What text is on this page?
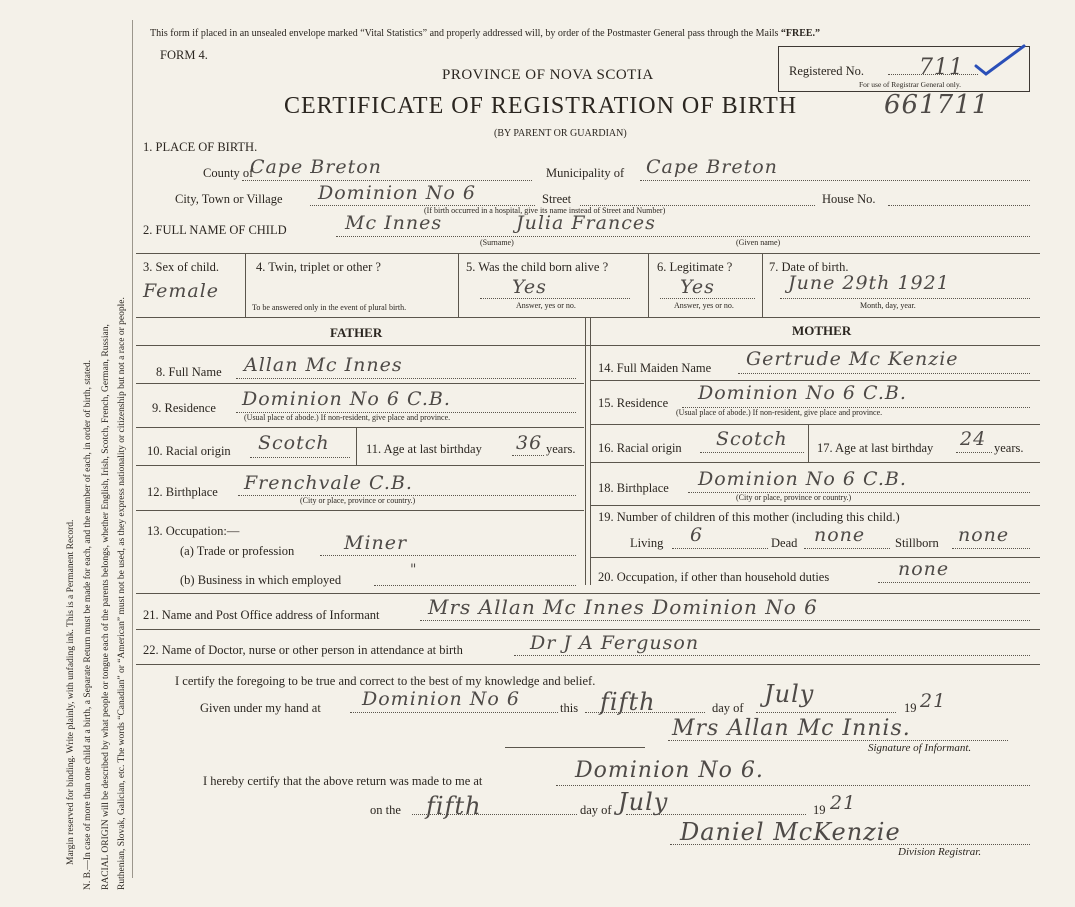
Margin reserved for binding. Write plainly, with unfading ink. This is a Permanent Record. N. B.—In case of more than one child at a birth, a Separate Return must be made for each, and the number of each, in order of birth, stated. RACIAL ORIGIN will be described by what people or tongue each of the parents belongs, whether English, Irish, Scotch, French, German, Russian, Ruthenian, Slovak, Galician, etc. The words “Canadian” or “American” must not be used, as they express nationality or citizenship but not a race or people.
This form if placed in an unsealed envelope marked “Vital Statistics” and properly addressed will, by order of the Postmaster General pass through the Mails “FREE.”
FORM 4.
PROVINCE OF NOVA SCOTIA	Registered No.	711
For use of Registrar General only.
CERTIFICATE OF REGISTRATION OF BIRTH	661711
(BY PARENT OR GUARDIAN)
1. PLACE OF BIRTH.
County of
Cape Breton	Municipality of Cape Breton
City, Town or Village Dominion No 6	Street	House No.
(If birth occurred in a hospital, give its name instead of Street and Number)
2. FULL NAME OF CHILD	Mc Innes	Julia Frances
(Surname)	(Given name)
3. Sex of child.
Female
4. Twin, triplet or other ?
To be answered only in the event of plural birth.
5. Was the child born alive ?
Yes
Answer, yes or no.
6. Legitimate ?
Yes
Answer, yes or no.
7. Date of birth.
June 29th 1921
Month, day, year.
FATHER	MOTHER
8. Full Name Allan Mc Innes
9. Residence Dominion No 6 C.B.
(Usual place of abode.) If non-resident, give place and province.
10. Racial origin Scotch	11. Age at last birthday 36 years.
12. Birthplace Frenchvale C.B.
(City or place, province or country.)
13. Occupation:—
(a) Trade or profession	Miner
(b) Business in which employed
"
14. Full Maiden Name Gertrude Mc Kenzie
15. Residence Dominion No 6 C.B.
(Usual place of abode.) If non-resident, give place and province.
16. Racial origin Scotch 17. Age at last birthday 24 years.
18. Birthplace Dominion No 6 C.B.
(City or place, province or country.)
19. Number of children of this mother (including this child.)
Living 6	Dead none Stillborn none
20. Occupation, if other than household duties	none
21. Name and Post Office address of Informant Mrs Allan Mc Innes Dominion No 6
22. Name of Doctor, nurse or other person in attendance at birth	Dr J A Ferguson
I certify the foregoing to be true and correct to the best of my knowledge and belief.
Given under my hand at Dominion No 6	this fifth	day of July	19 21
Mrs Allan Mc Innis.
Signature of Informant.
I hereby certify that the above return was made to me at	Dominion No 6.
on the fifth	day of July	19 21
Daniel McKenzie
Division Registrar.
